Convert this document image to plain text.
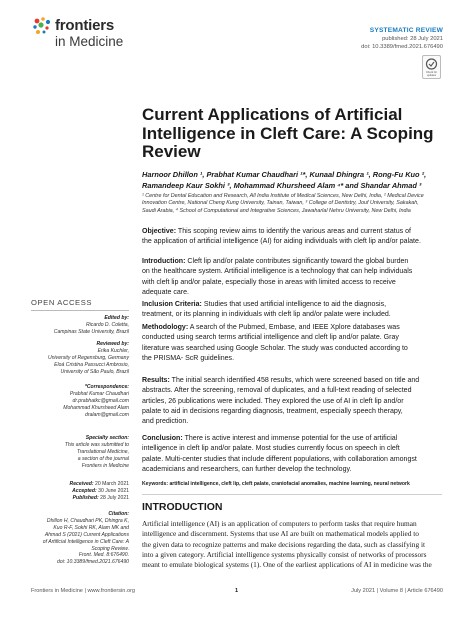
frontiers
in Medicine
SYSTEMATIC REVIEW
published: 28 July 2021
doi: 10.3389/fmed.2021.676490
Check for
updates
Current Applications of Artificial
Intelligence in Cleft Care: A Scoping
Review
Harnoor Dhillon ¹, Prabhat Kumar Chaudhari ¹*, Kunaal Dhingra ¹, Rong-Fu Kuo ²,
Ramandeep Kaur Sokhi ³, Mohammad Khursheed Alam ⁴* and Shandar Ahmad ³
¹ Centre for Dental Education and Research, All India Institute of Medical Sciences, New Delhi, India, ² Medical Device
Innovation Centre, National Cheng Kung University, Tainan, Taiwan, ³ College of Dentistry, Jouf University, Sakakah,
Saudi Arabia, ⁴ School of Computational and Integrative Sciences, Jawaharlal Nehru University, New Delhi, India
Objective: This scoping review aims to identify the various areas and current status of
the application of artificial intelligence (AI) for aiding individuals with cleft lip and/or palate.
Introduction: Cleft lip and/or palate contributes significantly toward the global burden
on the healthcare system. Artificial intelligence is a technology that can help individuals
with cleft lip and/or palate, especially those in areas with limited access to receive
adequate care.
Inclusion Criteria: Studies that used artificial intelligence to aid the diagnosis,
treatment, or its planning in individuals with cleft lip and/or palate were included.
Methodology: A search of the Pubmed, Embase, and IEEE Xplore databases was
conducted using search terms artificial intelligence and cleft lip and/or palate. Gray
literature was searched using Google Scholar. The study was conducted according to
the PRISMA- ScR guidelines.
Results: The initial search identified 458 results, which were screened based on title and
abstracts. After the screening, removal of duplicates, and a full-text reading of selected
articles, 26 publications were included. They explored the use of AI in cleft lip and/or
palate to aid in decisions regarding diagnosis, treatment, especially speech therapy,
and prediction.
Conclusion: There is active interest and immense potential for the use of artificial
intelligence in cleft lip and/or palate. Most studies currently focus on speech in cleft
palate. Multi-center studies that include different populations, with collaboration amongst
academicians and researchers, can further develop the technology.
Keywords: artificial intelligence, cleft lip, cleft palate, craniofacial anomalies, machine learning, neural network
INTRODUCTION
Artificial intelligence (AI) is an application of computers to perform tasks that require human
intelligence and discernment. Systems that use AI are built on mathematical models applied to
the given data to recognize patterns and make decisions regarding the data, such as classifying it
into a given category. Artificial intelligence systems physically consist of networks of processors
meant to emulate biological systems (1). One of the earliest applications of AI in medicine was the
OPEN ACCESS
Edited by:
Ricardo D. Coletta,
Campinas State University, Brazil
Reviewed by:
Erika Kuchler,
University of Regensburg, Germany
Eloá Cristina Passucci Ambrosio,
University of São Paulo, Brazil
*Correspondence:
Prabhat Kumar Chaudhari
dr.prabhatkc@gmail.com
Mohammad Khursheed Alam
dralam@gmail.com
Specialty section:
This article was submitted to
Translational Medicine,
a section of the journal
Frontiers in Medicine
Received: 20 March 2021
Accepted: 30 June 2021
Published: 28 July 2021
Citation:
Dhillon H, Chaudhari PK, Dhingra K,
Kuo R-F, Sokhi RK, Alam MK and
Ahmad S (2021) Current Applications
of Artificial Intelligence in Cleft Care: A
Scoping Review.
Front. Med. 8:676490.
doi: 10.3389/fmed.2021.676490
Frontiers in Medicine | www.frontiersin.org	1	July 2021 | Volume 8 | Article 676490
